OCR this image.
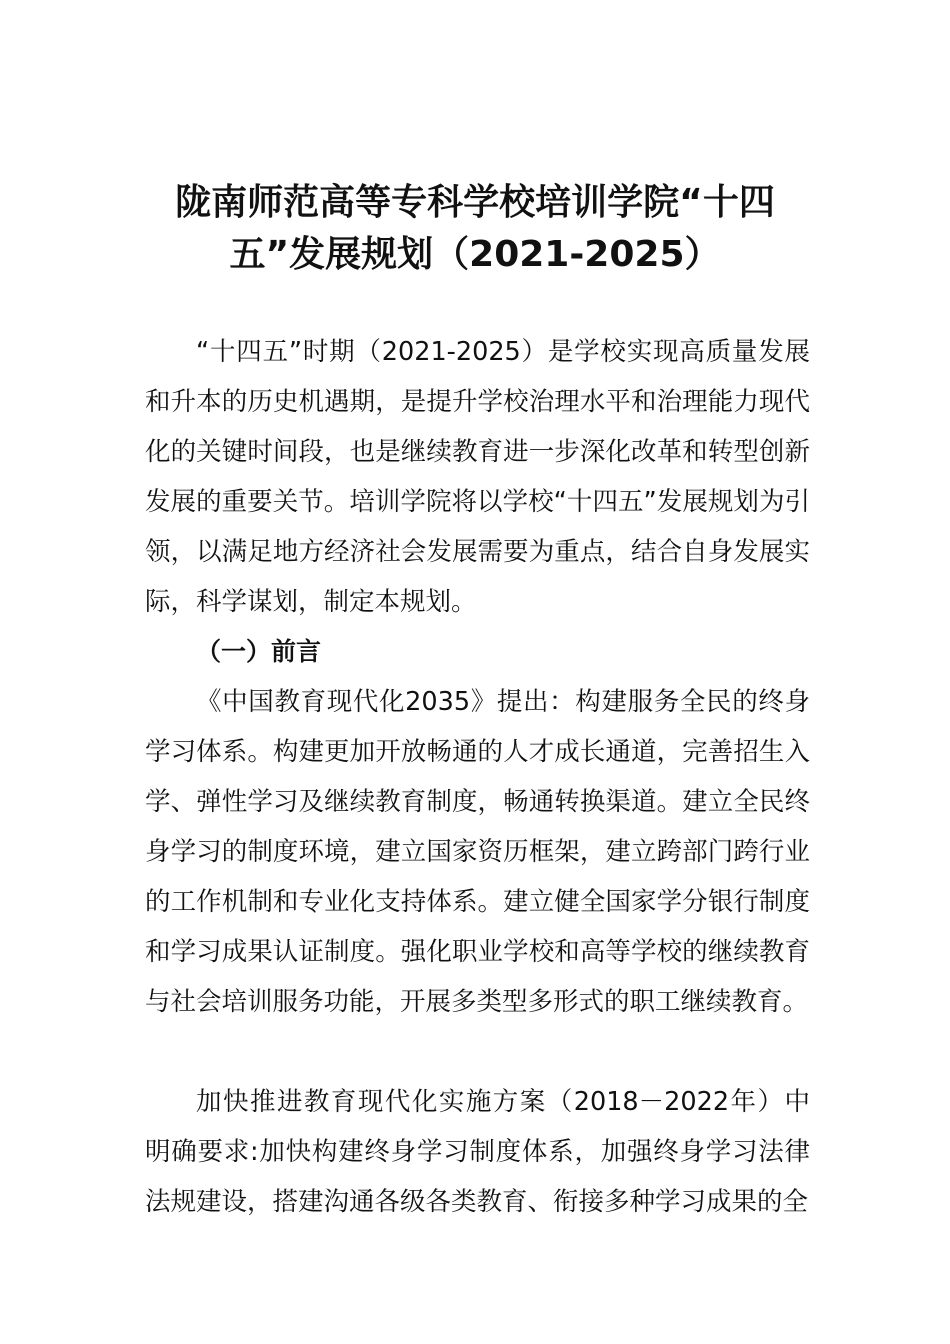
陇南师范高等专科学校培训学院“十四
五”发展规划（2021-2025）

“十四五”时期（2021-2025）是学校实现高质量发展和升本的历史机遇期，是提升学校治理水平和治理能力现代化的关键时间段，也是继续教育进一步深化改革和转型创新发展的重要关节。培训学院将以学校“十四五”发展规划为引领，以满足地方经济社会发展需要为重点，结合自身发展实际，科学谋划，制定本规划。

（一）前言

《中国教育现代化2035》提出：构建服务全民的终身学习体系。构建更加开放畅通的人才成长通道，完善招生入学、弹性学习及继续教育制度，畅通转换渠道。建立全民终身学习的制度环境，建立国家资历框架，建立跨部门跨行业的工作机制和专业化支持体系。建立健全国家学分银行制度和学习成果认证制度。强化职业学校和高等学校的继续教育与社会培训服务功能，开展多类型多形式的职工继续教育。

加快推进教育现代化实施方案（2018－2022年）中明确要求:加快构建终身学习制度体系，加强终身学习法律法规建设，搭建沟通各级各类教育、衔接多种学习成果的全
